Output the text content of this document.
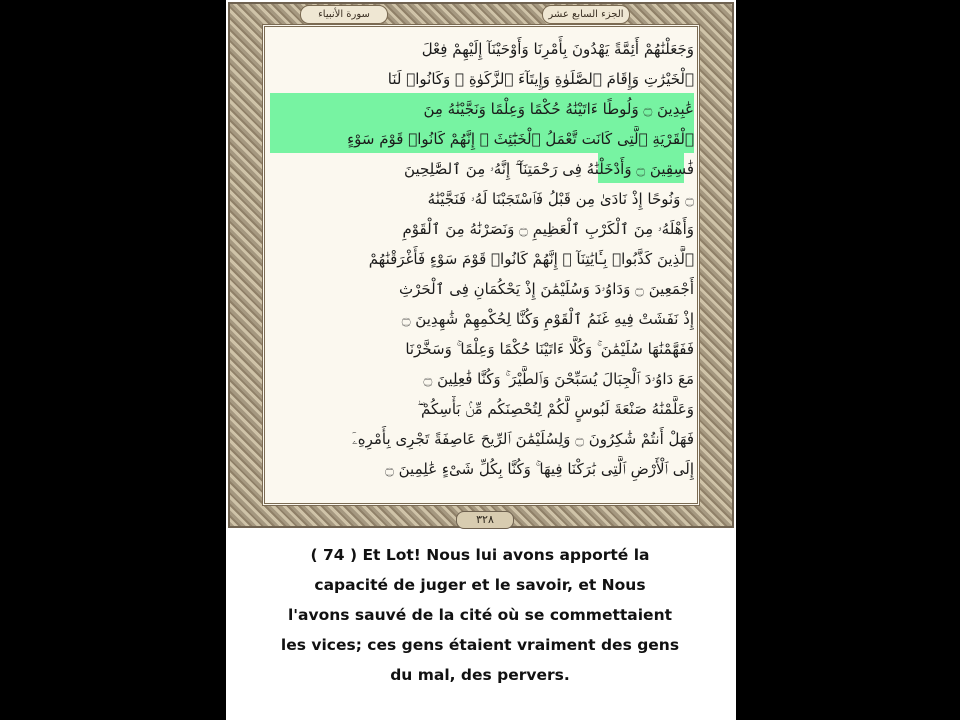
الجزء السابع عشر
سورة الأنبياء
وَجَعَلْنَٰهُمْ أَئِمَّةً يَهْدُونَ بِأَمْرِنَا وَأَوْحَيْنَآ إِلَيْهِمْ فِعْلَ
ٱلْخَيْرَٰتِ وَإِقَامَ ٱلصَّلَوٰةِ وَإِيتَآءَ ٱلزَّكَوٰةِ ۖ وَكَانُوا۟ لَنَا
عَٰبِدِينَ ۝ وَلُوطًا ءَاتَيْنَٰهُ حُكْمًا وَعِلْمًا وَنَجَّيْنَٰهُ مِنَ
ٱلْقَرْيَةِ ٱلَّتِى كَانَت تَّعْمَلُ ٱلْخَبَٰٓئِثَ ۗ إِنَّهُمْ كَانُوا۟ قَوْمَ سَوْءٍ
فَٰسِقِينَ ۝ وَأَدْخَلْنَٰهُ فِى رَحْمَتِنَآ ۖ إِنَّهُۥ مِنَ ٱلصَّٰلِحِينَ
۝ وَنُوحًا إِذْ نَادَىٰ مِن قَبْلُ فَٱسْتَجَبْنَا لَهُۥ فَنَجَّيْنَٰهُ
وَأَهْلَهُۥ مِنَ ٱلْكَرْبِ ٱلْعَظِيمِ ۝ وَنَصَرْنَٰهُ مِنَ ٱلْقَوْمِ
ٱلَّذِينَ كَذَّبُوا۟ بِـَٔايَٰتِنَآ ۚ إِنَّهُمْ كَانُوا۟ قَوْمَ سَوْءٍ فَأَغْرَقْنَٰهُمْ
أَجْمَعِينَ ۝ وَدَاوُۥدَ وَسُلَيْمَٰنَ إِذْ يَحْكُمَانِ فِى ٱلْحَرْثِ
إِذْ نَفَشَتْ فِيهِ غَنَمُ ٱلْقَوْمِ وَكُنَّا لِحُكْمِهِمْ شَٰهِدِينَ ۝
فَفَهَّمْنَٰهَا سُلَيْمَٰنَ ۚ وَكُلًّا ءَاتَيْنَا حُكْمًا وَعِلْمًا ۚ وَسَخَّرْنَا
مَعَ دَاوُۥدَ ٱلْجِبَالَ يُسَبِّحْنَ وَٱلطَّيْرَ ۚ وَكُنَّا فَٰعِلِينَ ۝
وَعَلَّمْنَٰهُ صَنْعَةَ لَبُوسٍ لَّكُمْ لِتُحْصِنَكُم مِّنۢ بَأْسِكُمْ ۖ
فَهَلْ أَنتُمْ شَٰكِرُونَ ۝ وَلِسُلَيْمَٰنَ ٱلرِّيحَ عَاصِفَةً تَجْرِى بِأَمْرِهِۦٓ
إِلَى ٱلْأَرْضِ ٱلَّتِى بَٰرَكْنَا فِيهَا ۚ وَكُنَّا بِكُلِّ شَىْءٍ عَٰلِمِينَ ۝
٣٢٨
( 74 ) Et Lot! Nous lui avons apporté la
capacité de juger et le savoir, et Nous
l'avons sauvé de la cité où se commettaient
les vices; ces gens étaient vraiment des gens
du mal, des pervers.
